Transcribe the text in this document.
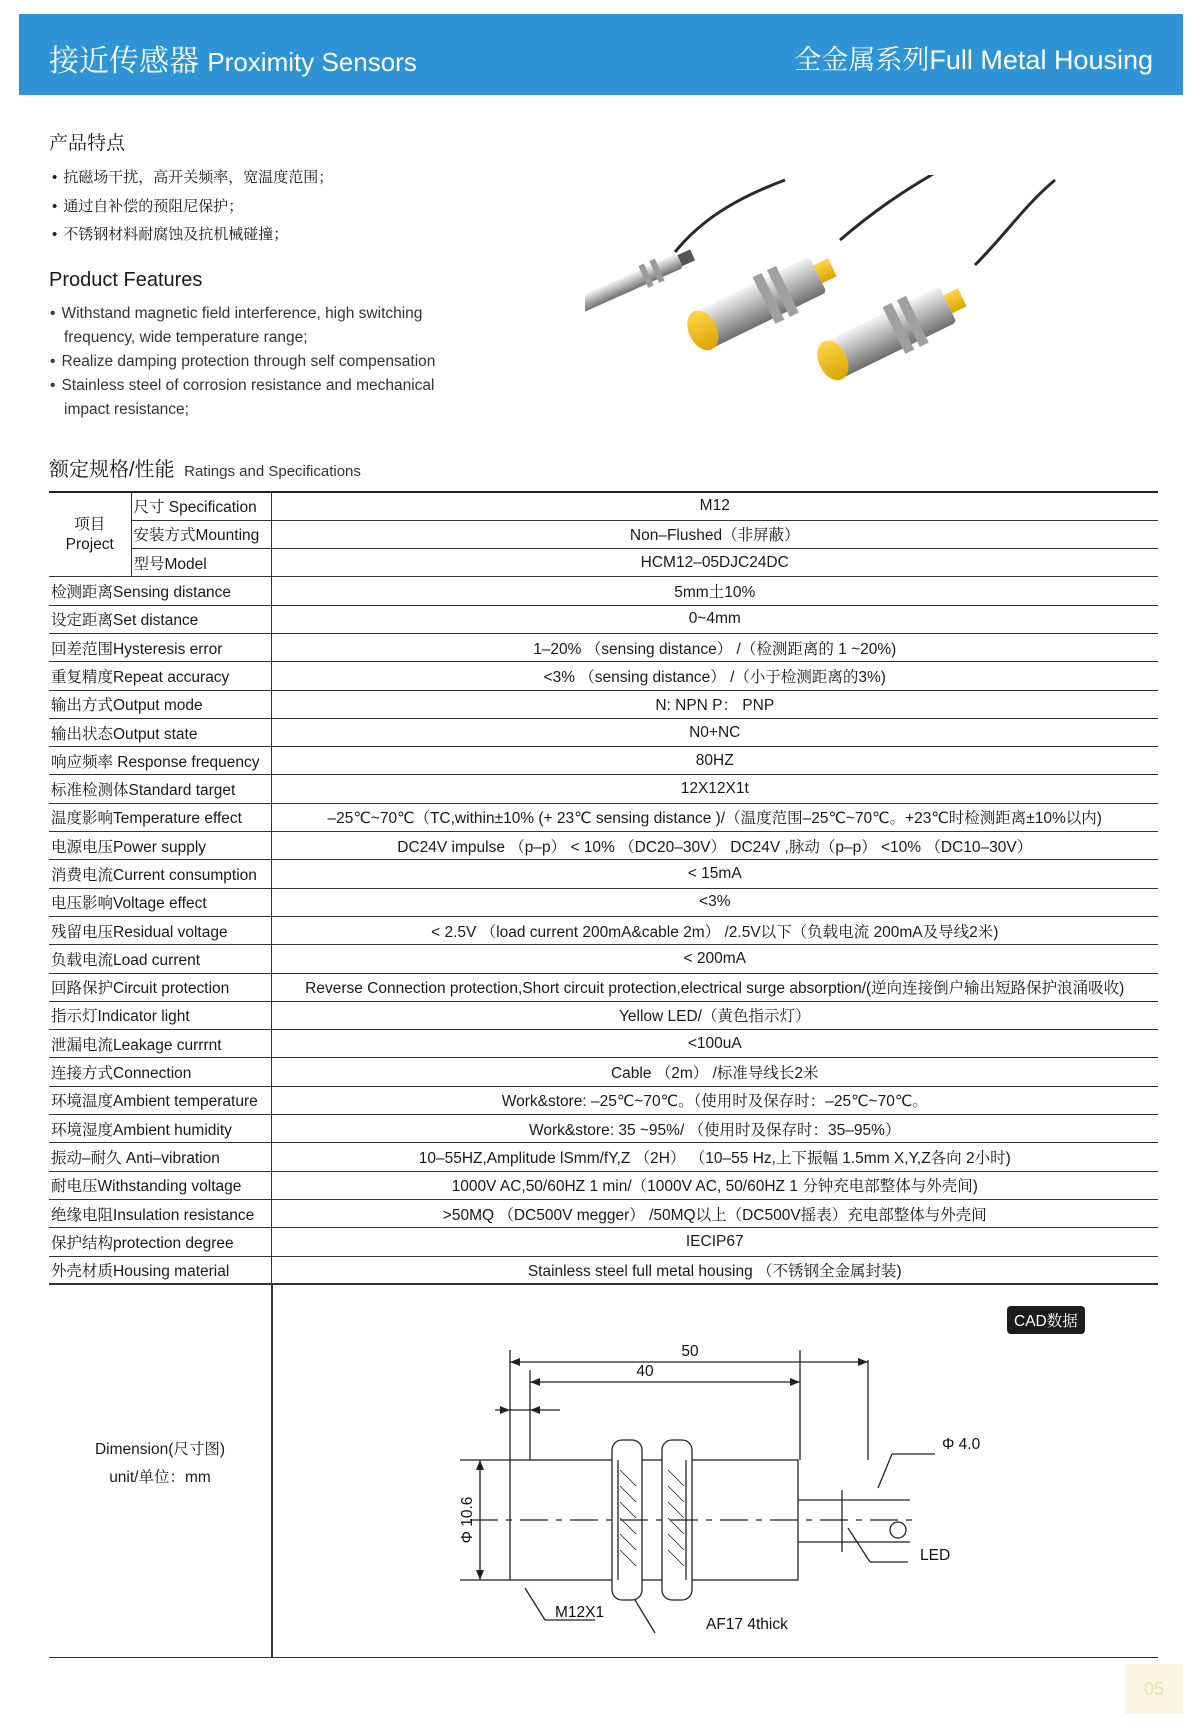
接近传感器 Proximity Sensors	全金属系列Full Metal Housing
产品特点
• 抗磁场干扰，高开关频率，宽温度范围；
• 通过自补偿的预阻尼保护；
• 不锈钢材料耐腐蚀及抗机械碰撞；
Product Features
• Withstand magnetic field interference, high switching frequency, wide temperature range;
• Realize damping protection through self compensation
• Stainless steel of corrosion resistance and mechanical impact resistance;
额定规格/性能 Ratings and Specifications
项目
Project	尺寸 Specification	M12
	安装方式Mounting	Non–Flushed（非屏蔽）
	型号Model	HCM12–05DJC24DC
检测距离Sensing distance		5mm土10%
设定距离Set distance		0~4mm
回差范围Hysteresis error		1–20% （sensing distance） /（检测距离的 1 ~20%)
重复精度Repeat accuracy		<3% （sensing distance） /（小于检测距离的3%)
输出方式Output mode		N: NPN P： PNP
输出状态Output state		N0+NC
响应频率 Response frequency		80HZ
标准检测体Standard target		12X12X1t
温度影响Temperature effect		–25℃~70℃（TC,within±10% (+ 23℃ sensing distance )/（温度范围–25℃~70℃。+23℃时检测距离±10%以内)
电源电压Power supply		DC24V impulse （p–p） < 10% （DC20–30V） DC24V ,脉动（p–p） <10% （DC10–30V）
消费电流Current consumption		< 15mA
电压影响Voltage effect		<3%
残留电压Residual voltage		< 2.5V （load current 200mA&cable 2m） /2.5V以下（负载电流 200mA及导线2米)
负载电流Load current		< 200mA
回路保护Circuit protection		Reverse Connection protection,Short circuit protection,electrical surge absorption/(逆向连接倒户输出短路保护浪涌吸收)
指示灯Indicator light		Yellow LED/（黄色指示灯）
泄漏电流Leakage currrnt		<100uA
连接方式Connection		Cable （2m） /标准导线长2米
环境温度Ambient temperature		Work&store: –25℃~70℃。（使用时及保存时：–25℃~70℃。
环境湿度Ambient humidity		Work&store: 35 ~95%/ （使用时及保存时：35–95%）
振动–耐久 Anti–vibration		10–55HZ,Amplitude lSmm/fY,Z （2H） （10–55 Hz,上下振幅 1.5mm X,Y,Z各向 2小时)
耐电压Withstanding voltage		1000V AC,50/60HZ 1 min/（1000V AC, 50/60HZ 1 分钟充电部整体与外壳间)
绝缘电阻Insulation resistance		>50MQ （DC500V megger） /50MQ以上（DC500V摇表）充电部整体与外壳间
保护结构protection degree		IECIP67
外壳材质Housing material		Stainless steel full metal housing （不锈钢全金属封装)
Dimension(尺寸图)
unit/单位：mm
CAD数据
50
40
Φ 10.6
Φ 4.0
LED
M12X1
AF17 4thick
05
